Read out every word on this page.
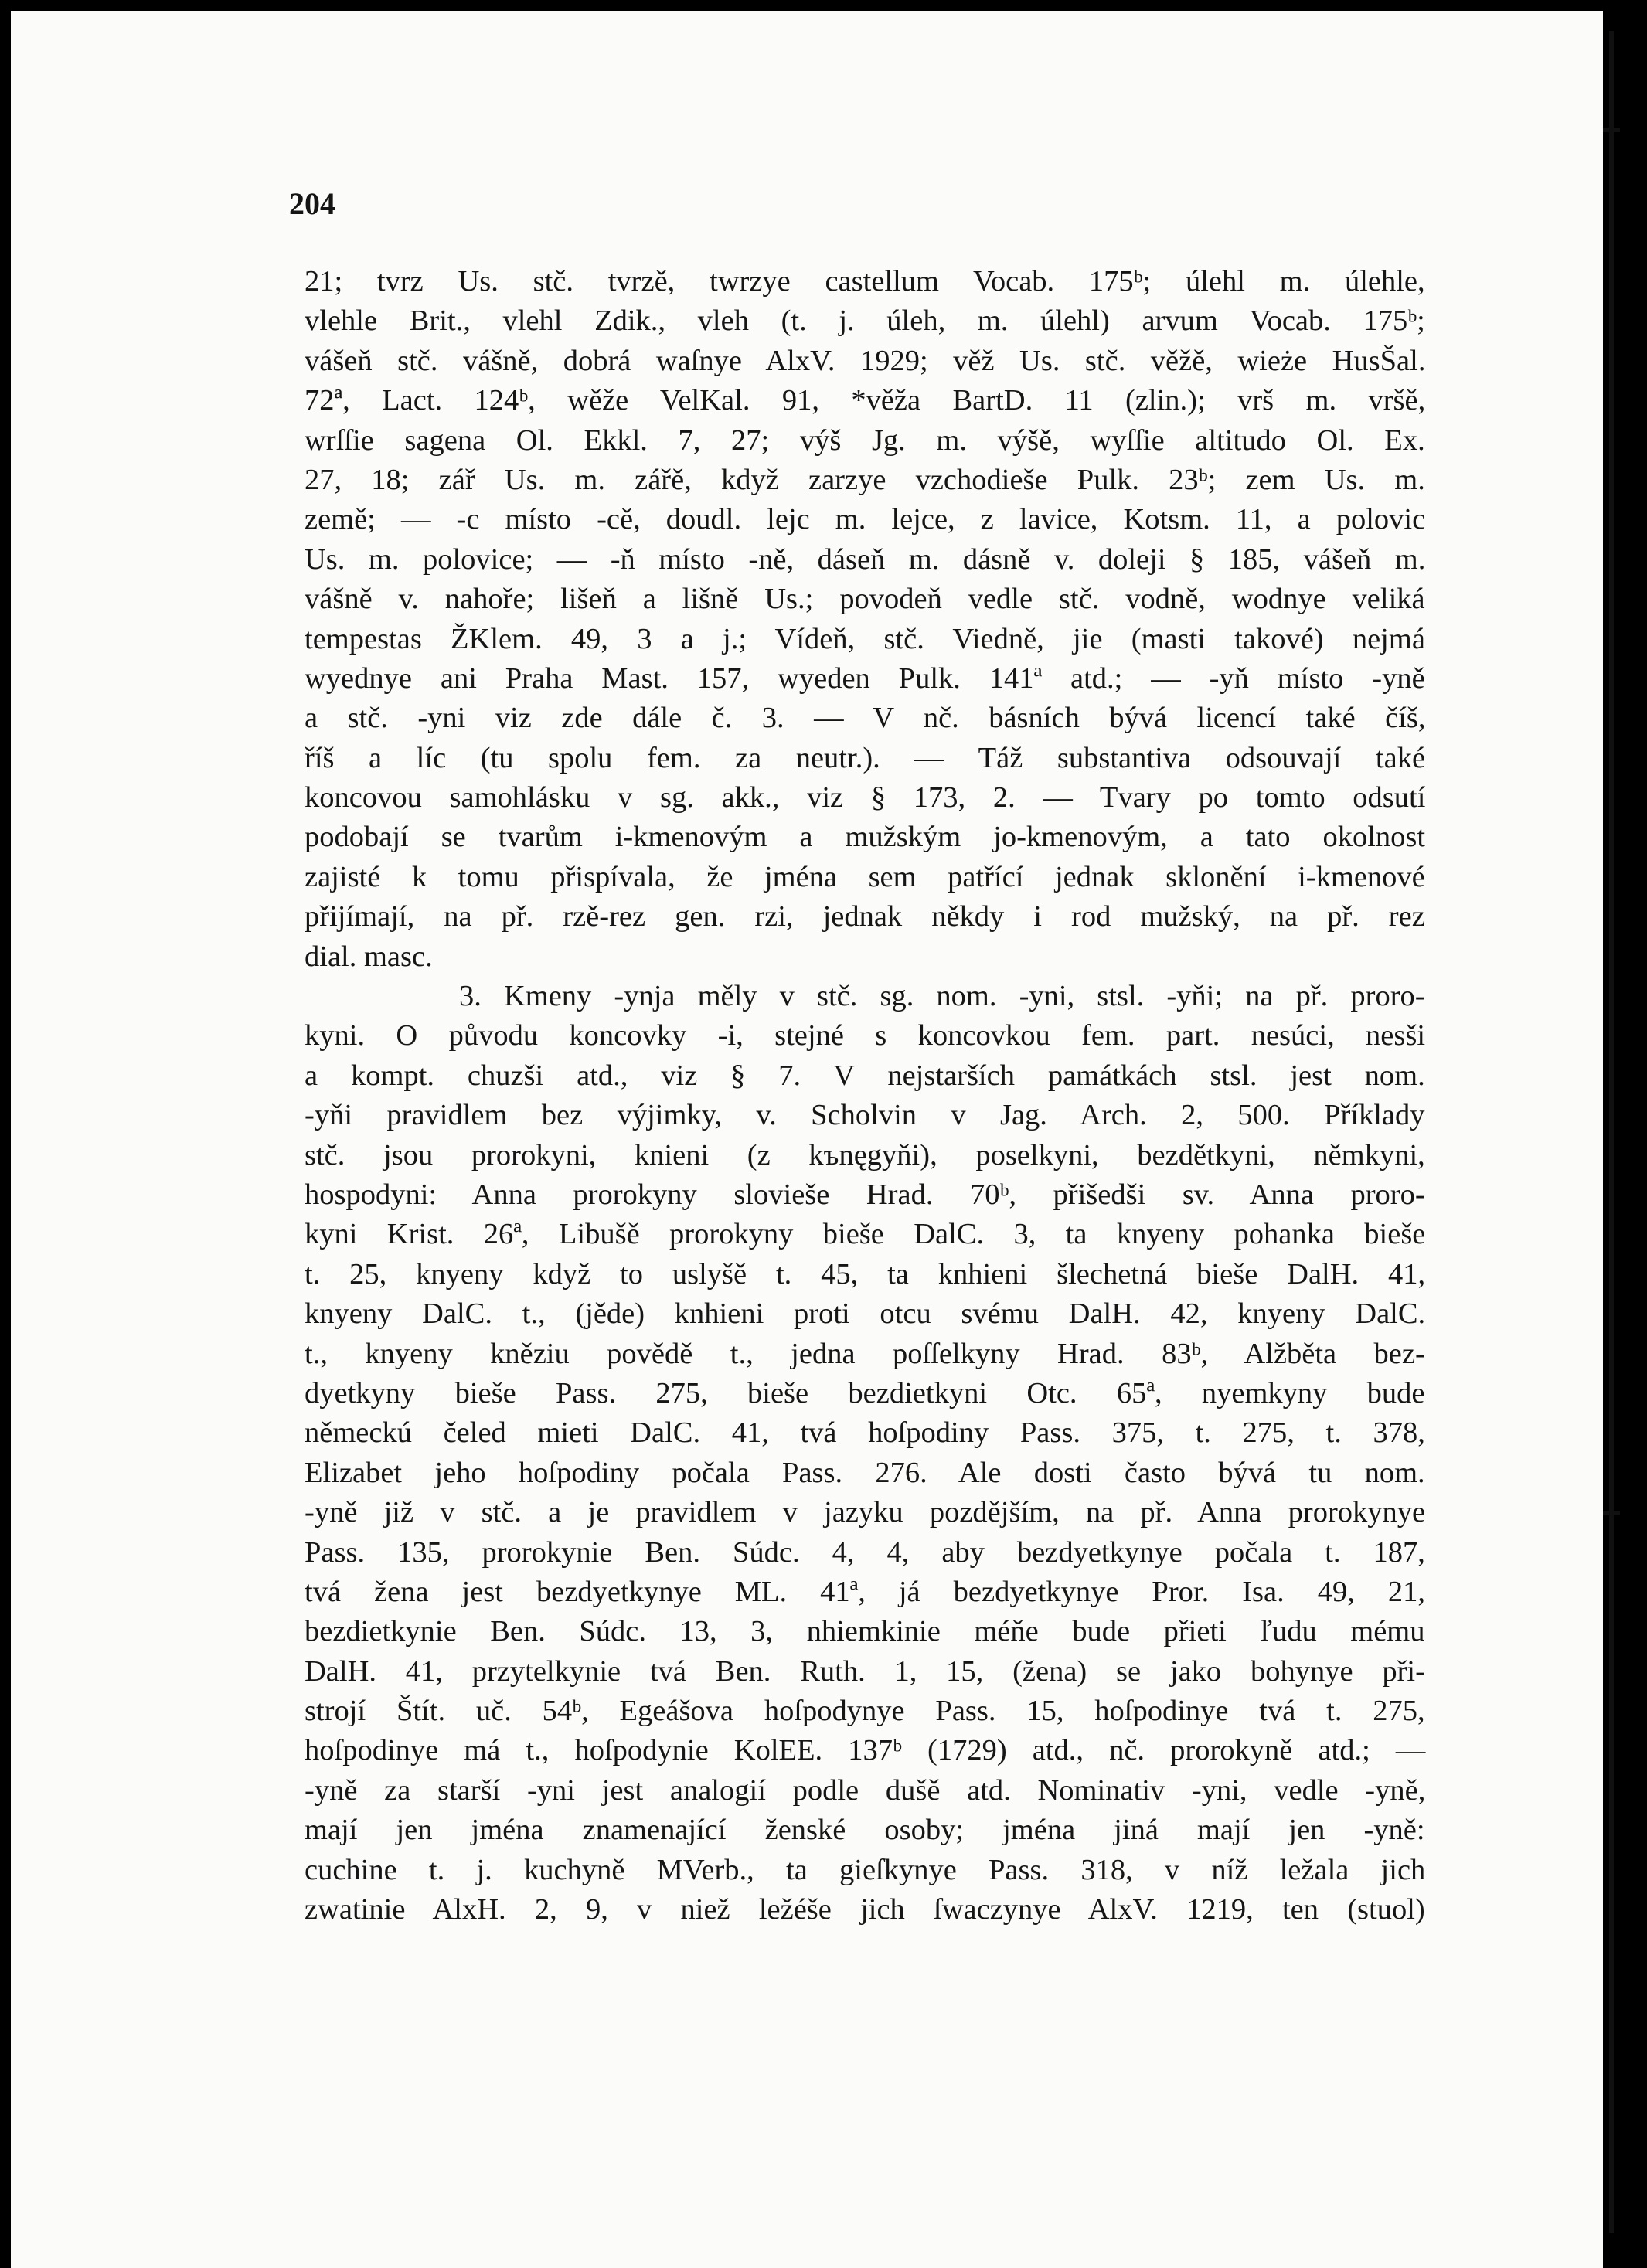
204
21; tvrz Us. stč. tvrzě, twrzye castellum Vocab. 175ᵇ; úlehl m. úlehle,
vlehle Brit., vlehl Zdik., vleh (t. j. úleh, m. úlehl) arvum Vocab. 175ᵇ;
vášeň stč. vášně, dobrá waſnye AlxV. 1929; věž Us. stč. věžě, wieże HusŠal.
72ª, Lact. 124ᵇ, wěže VelKal. 91, *věža BartD. 11 (zlin.); vrš m. vršě,
wrſſie sagena Ol. Ekkl. 7, 27; výš Jg. m. výšě, wyſſie altitudo Ol. Ex.
27, 18; zář Us. m. zářě, když zarzye vzchodieše Pulk. 23ᵇ; zem Us. m.
země; — -c místo -cě, doudl. lejc m. lejce, z lavice, Kotsm. 11, a polovic
Us. m. polovice; — -ň místo -ně, dáseň m. dásně v. doleji § 185, vášeň m.
vášně v. nahoře; lišeň a lišně Us.; povodeň vedle stč. vodně, wodnye veliká
tempestas ŽKlem. 49, 3 a j.; Vídeň, stč. Viedně, jie (masti takové) nejmá
wyednye ani Praha Mast. 157, wyeden Pulk. 141ª atd.; — -yň místo -yně
a stč. -yni viz zde dále č. 3. — V nč. básních bývá licencí také číš,
říš a líc (tu spolu fem. za neutr.). — Táž substantiva odsouvají také
koncovou samohlásku v sg. akk., viz § 173, 2. — Tvary po tomto odsutí
podobají se tvarům i-kmenovým a mužským jo-kmenovým, a tato okolnost
zajisté k tomu přispívala, že jména sem patřící jednak sklonění i-kmenové
přijímají, na př. rzě-rez gen. rzi, jednak někdy i rod mužský, na př. rez
dial. masc.
3. Kmeny -ynja měly v stč. sg. nom. -yni, stsl. -yňi; na př. proro-
kyni. O původu koncovky -i, stejné s koncovkou fem. part. nesúci, nesši
a kompt. chuzši atd., viz § 7. V nejstarších památkách stsl. jest nom.
-yňi pravidlem bez výjimky, v. Scholvin v Jag. Arch. 2, 500. Příklady
stč. jsou prorokyni, knieni (z kъnęgyňi), poselkyni, bezdětkyni, němkyni,
hospodyni: Anna prorokyny slovieše Hrad. 70ᵇ, přišedši sv. Anna proro-
kyni Krist. 26ª, Libušě prorokyny bieše DalC. 3, ta knyeny pohanka bieše
t. 25, knyeny když to uslyšě t. 45, ta knhieni šlechetná bieše DalH. 41,
knyeny DalC. t., (jěde) knhieni proti otcu svému DalH. 42, knyeny DalC.
t., knyeny kněziu povědě t., jedna poſſelkyny Hrad. 83ᵇ, Alžběta bez-
dyetkyny bieše Pass. 275, bieše bezdietkyni Otc. 65ª, nyemkyny bude
německú čeled mieti DalC. 41, tvá hoſpodiny Pass. 375, t. 275, t. 378,
Elizabet jeho hoſpodiny počala Pass. 276. Ale dosti často bývá tu nom.
-yně již v stč. a je pravidlem v jazyku pozdějším, na př. Anna prorokynye
Pass. 135, prorokynie Ben. Súdc. 4, 4, aby bezdyetkynye počala t. 187,
tvá žena jest bezdyetkynye ML. 41ª, já bezdyetkynye Pror. Isa. 49, 21,
bezdietkynie Ben. Súdc. 13, 3, nhiemkinie méňe bude přieti ľudu mému
DalH. 41, przytelkynie tvá Ben. Ruth. 1, 15, (žena) se jako bohynye při-
strojí Štít. uč. 54ᵇ, Egeášova hoſpodynye Pass. 15, hoſpodinye tvá t. 275,
hoſpodinye má t., hoſpodynie KolEE. 137ᵇ (1729) atd., nč. prorokyně atd.; —
-yně za starší -yni jest analogií podle dušě atd. Nominativ -yni, vedle -yně,
mají jen jména znamenající ženské osoby; jména jiná mají jen -yně:
cuchine t. j. kuchyně MVerb., ta gieſkynye Pass. 318, v níž ležala jich
zwatinie AlxH. 2, 9, v niež ležéše jich ſwaczynye AlxV. 1219, ten (stuol)
